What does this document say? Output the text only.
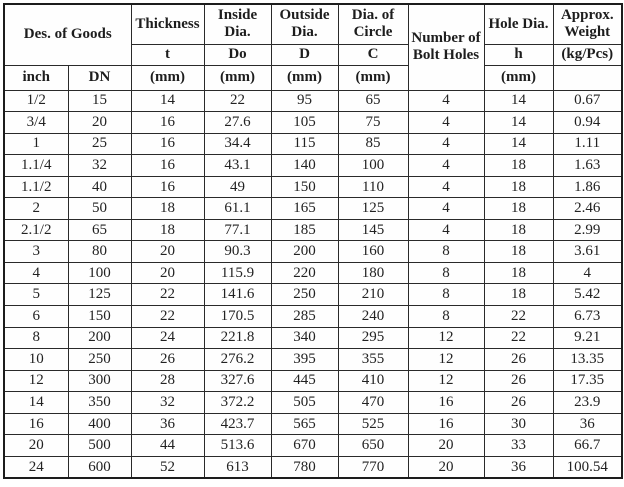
Des. of Goods		Thickness	Inside Dia.	Outside Dia.	Dia. of Circle	Number of Bolt Holes	Hole Dia.	Approx. Weight
		t	Do	D	C		h	(kg/Pcs)
inch	DN	(mm)	(mm)	(mm)	(mm)		(mm)	
1/2	15	14	22	95	65	4	14	0.67
3/4	20	16	27.6	105	75	4	14	0.94
1	25	16	34.4	115	85	4	14	1.11
1.1/4	32	16	43.1	140	100	4	18	1.63
1.1/2	40	16	49	150	110	4	18	1.86
2	50	18	61.1	165	125	4	18	2.46
2.1/2	65	18	77.1	185	145	4	18	2.99
3	80	20	90.3	200	160	8	18	3.61
4	100	20	115.9	220	180	8	18	4
5	125	22	141.6	250	210	8	18	5.42
6	150	22	170.5	285	240	8	22	6.73
8	200	24	221.8	340	295	12	22	9.21
10	250	26	276.2	395	355	12	26	13.35
12	300	28	327.6	445	410	12	26	17.35
14	350	32	372.2	505	470	16	26	23.9
16	400	36	423.7	565	525	16	30	36
20	500	44	513.6	670	650	20	33	66.7
24	600	52	613	780	770	20	36	100.54
